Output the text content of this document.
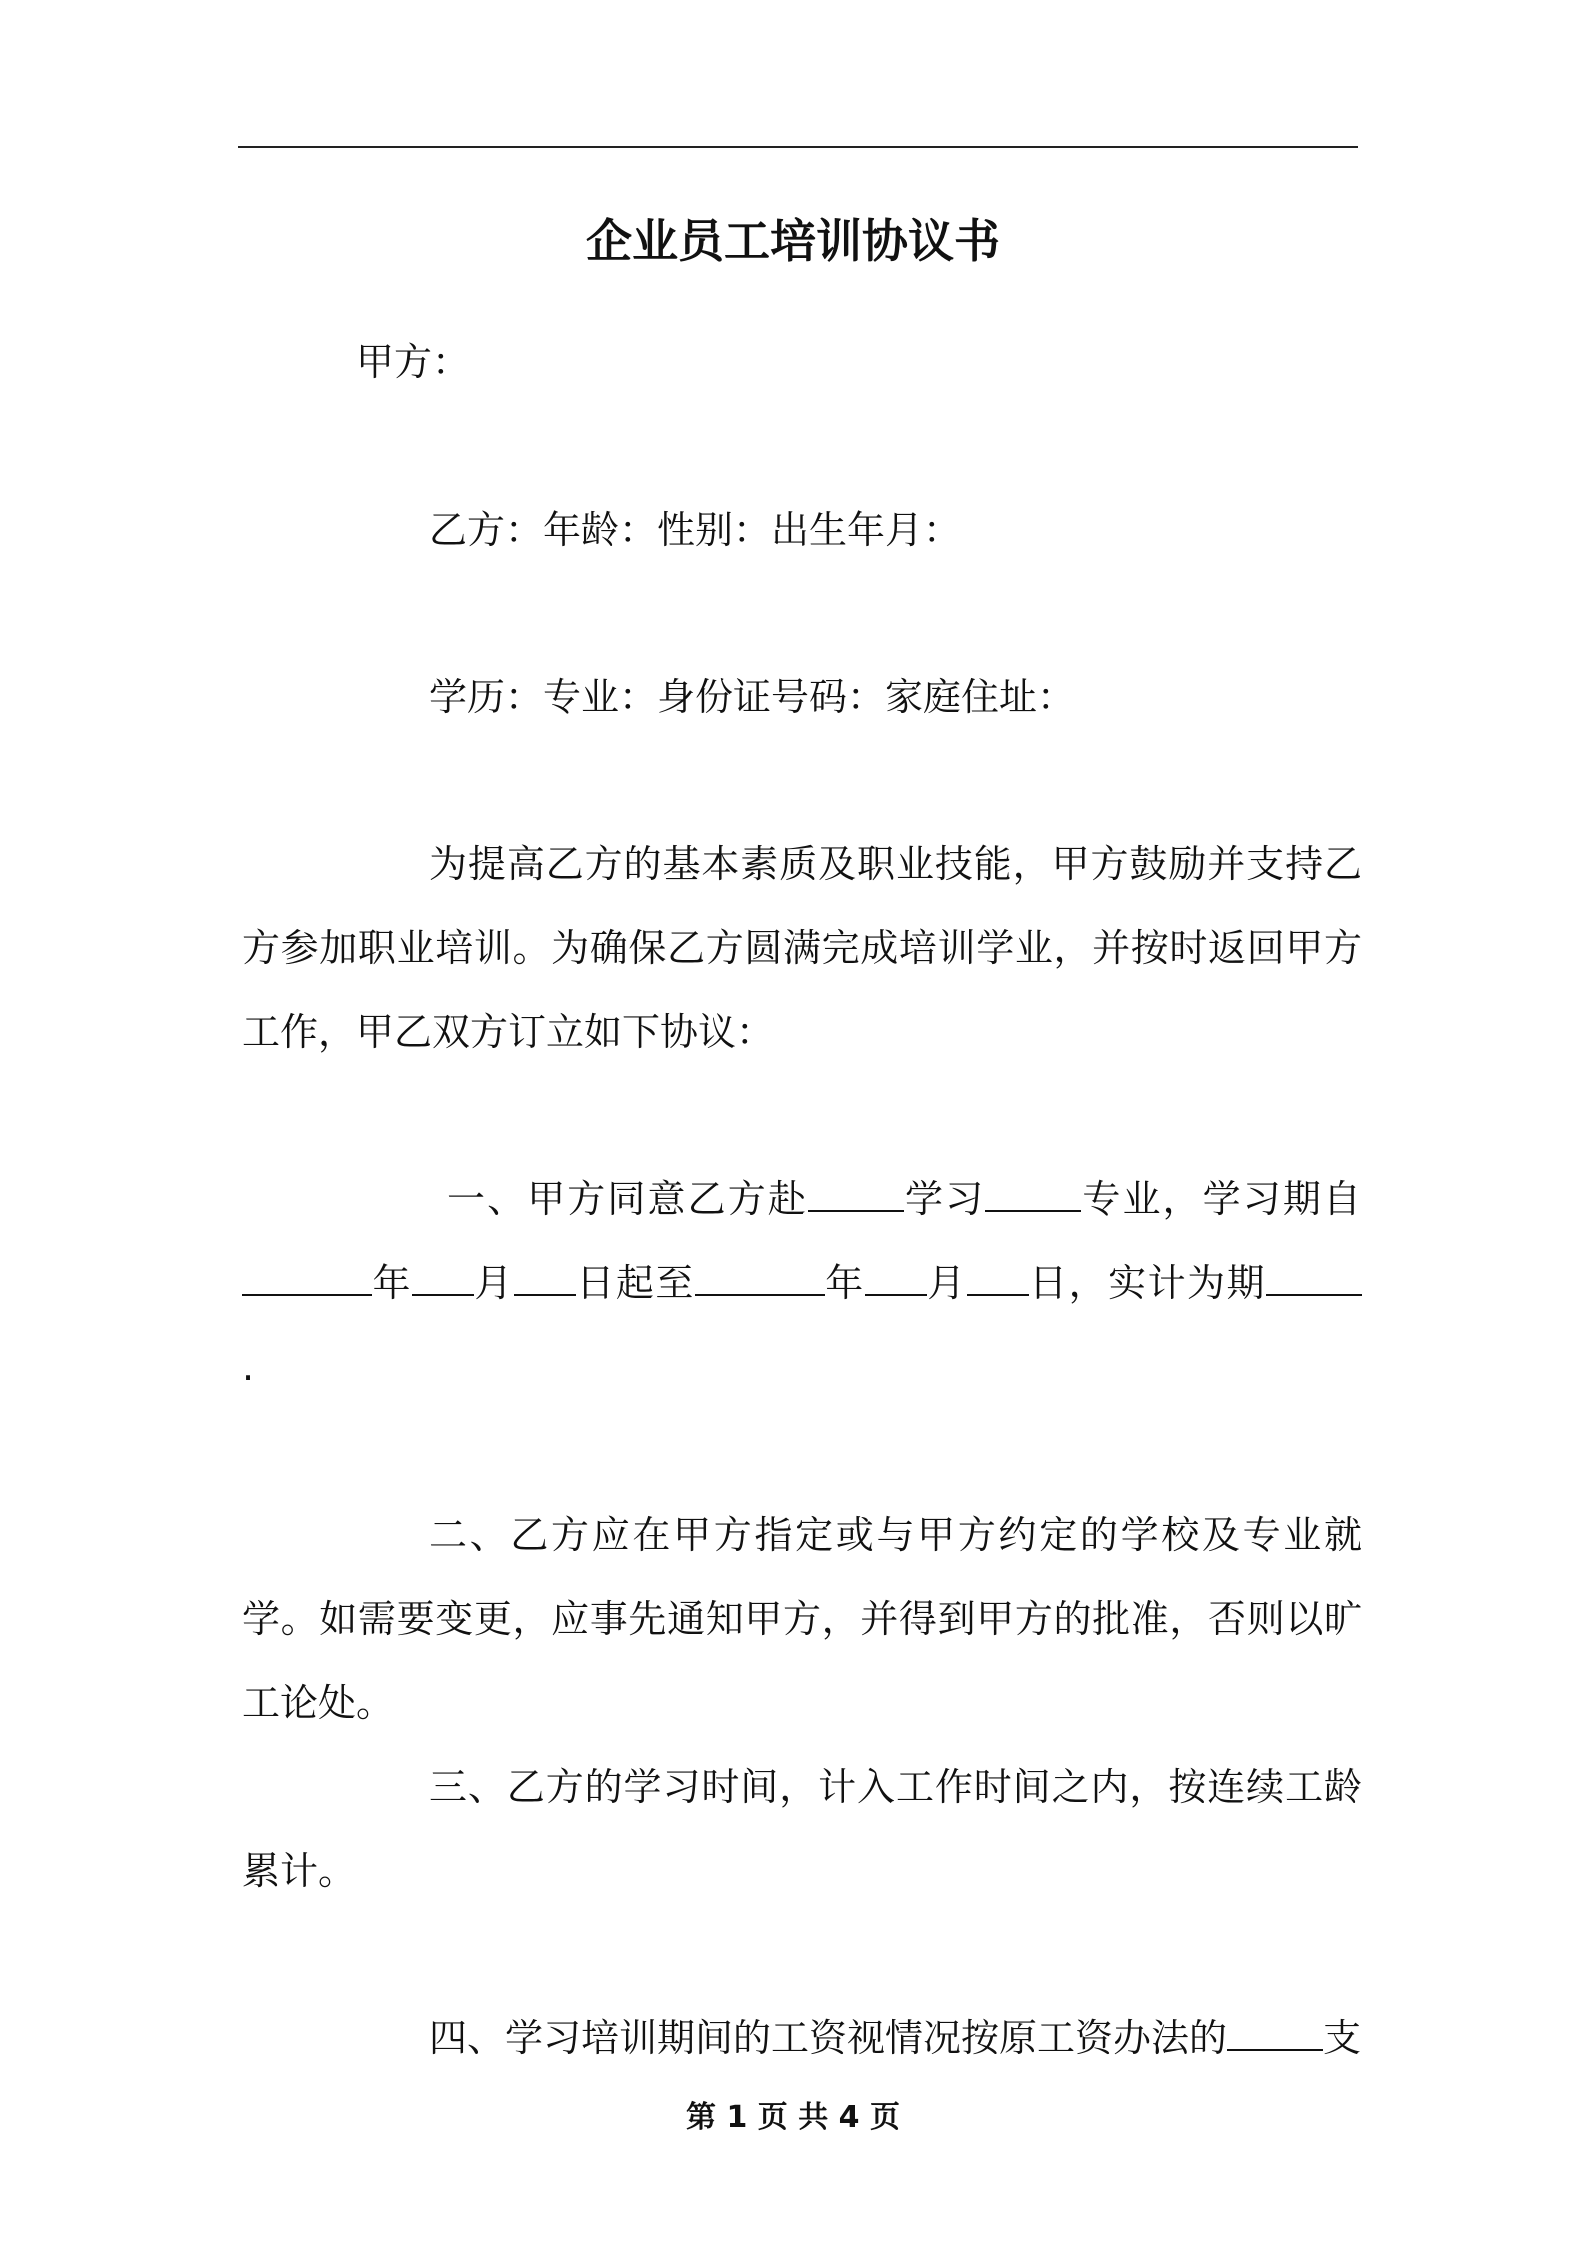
企业员工培训协议书
甲方：
乙方：年龄：性别：出生年月：
学历：专业：身份证号码：家庭住址：
为提高乙方的基本素质及职业技能，甲方鼓励并支持乙方参加职业培训。为确保乙方圆满完成培训学业，并按时返回甲方工作，甲乙双方订立如下协议：
一、甲方同意乙方赴	学习	专业，学习期自年 月 日起至	年 月 日，实计为期.
二、乙方应在甲方指定或与甲方约定的学校及专业就学。如需要变更，应事先通知甲方，并得到甲方的批准，否则以旷工论处。
三、乙方的学习时间，计入工作时间之内，按连续工龄累计。
四、学习培训期间的工资视情况按原工资办法的	支
第 1 页 共 4 页
